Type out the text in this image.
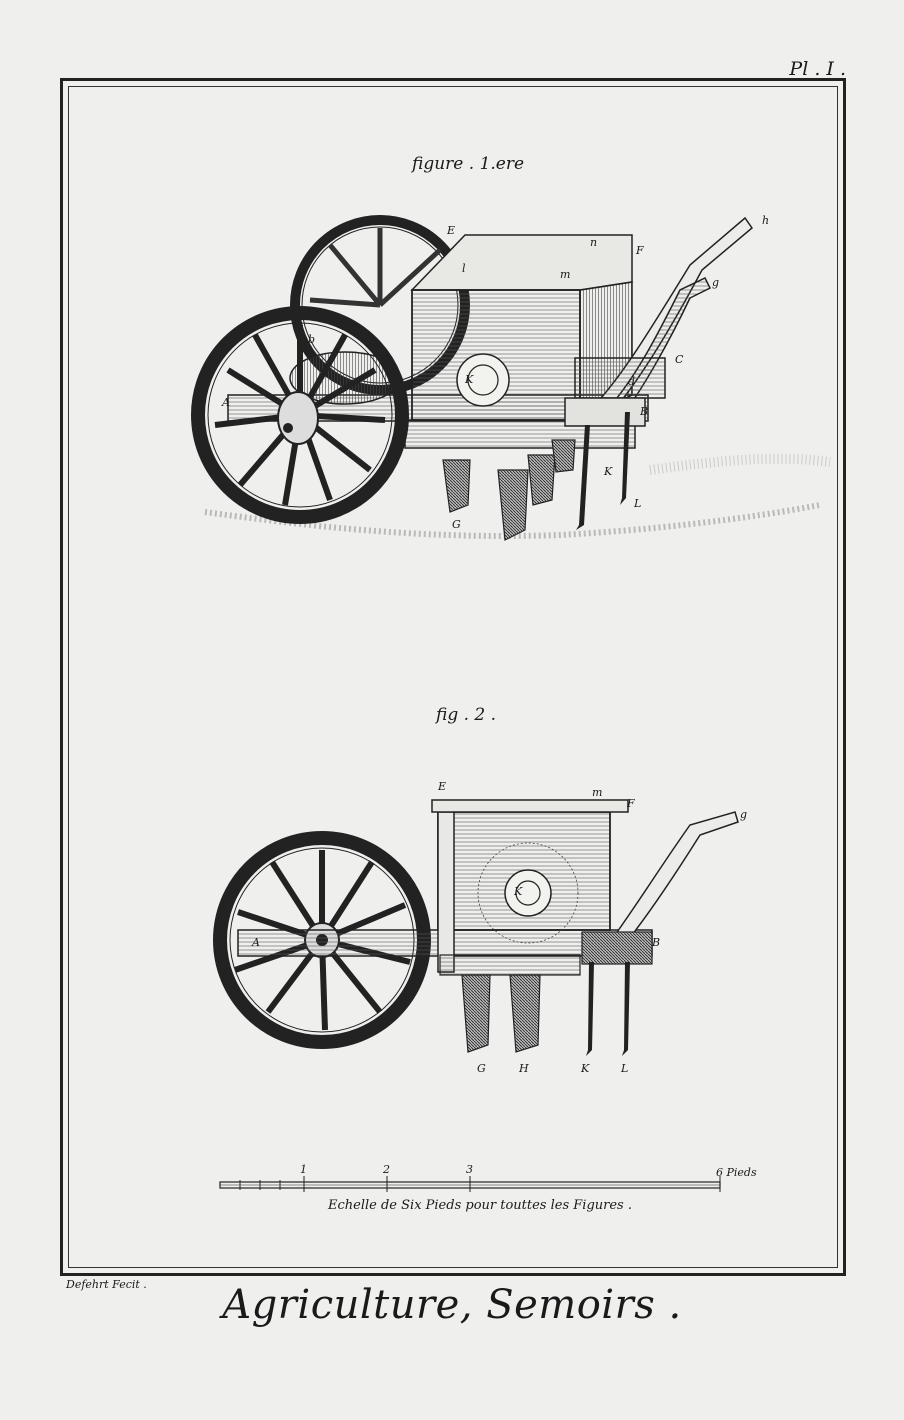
Pl . I .
figure . 1.ere
E
l
n
F
m
h
g
b
A
K
C
d
B
K
L
G
fig . 2 .
E	m
F
g
K
A	B
G	H	K	L
1	2	3	6 Pieds
Echelle de Six Pieds pour touttes les Figures .
Defehrt Fecit .	Agriculture, Semoirs .
